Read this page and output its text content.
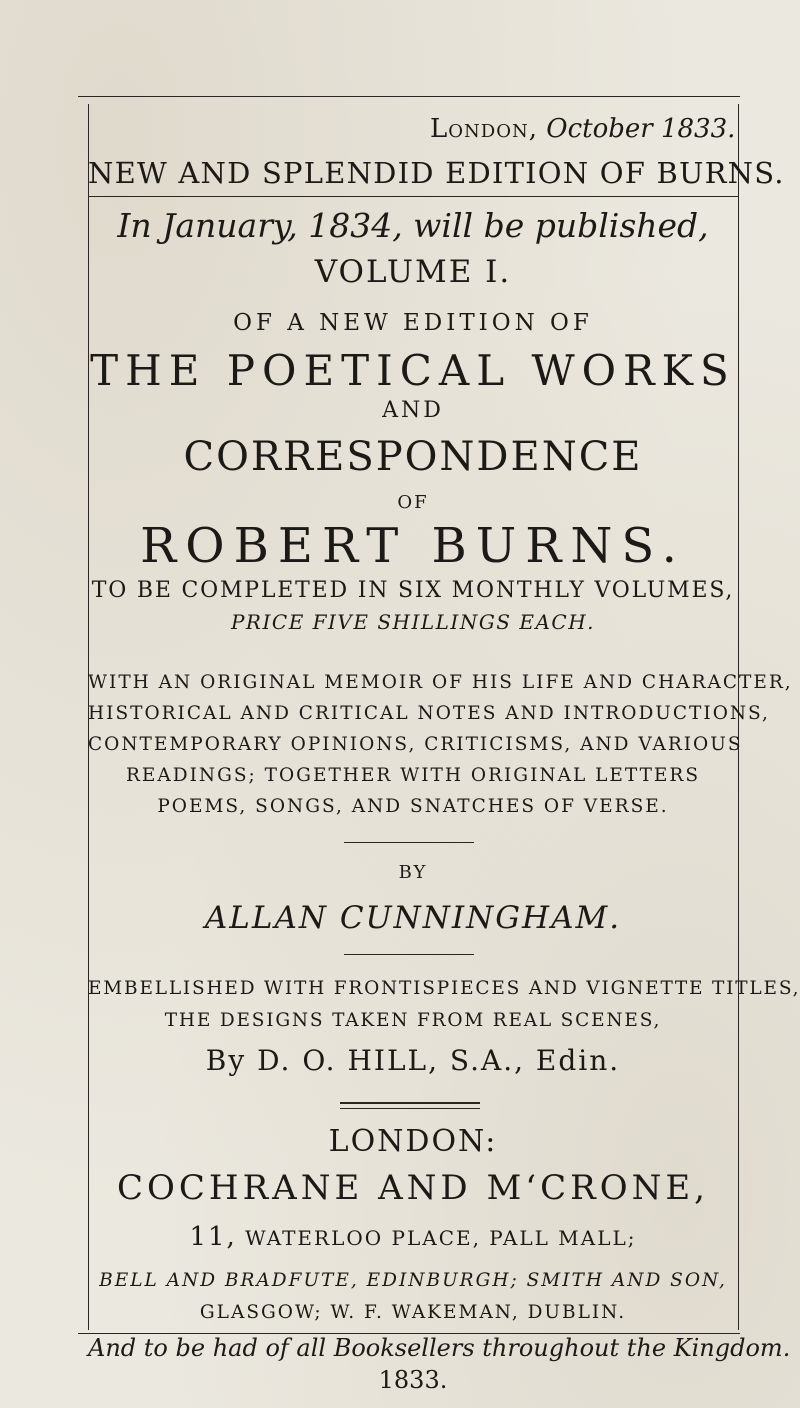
London, October 1833.
NEW AND SPLENDID EDITION OF BURNS.
In January, 1834, will be published,
VOLUME I.
OF A NEW EDITION OF
THE POETICAL WORKS
AND
CORRESPONDENCE
OF
ROBERT BURNS.
TO BE COMPLETED IN SIX MONTHLY VOLUMES,
PRICE FIVE SHILLINGS EACH.
WITH AN ORIGINAL MEMOIR OF HIS LIFE AND CHARACTER,
HISTORICAL AND CRITICAL NOTES AND INTRODUCTIONS,
CONTEMPORARY OPINIONS, CRITICISMS, AND VARIOUS
READINGS; TOGETHER WITH ORIGINAL LETTERS
POEMS, SONGS, AND SNATCHES OF VERSE.
BY
ALLAN CUNNINGHAM.
EMBELLISHED WITH FRONTISPIECES AND VIGNETTE TITLES,
THE DESIGNS TAKEN FROM REAL SCENES,
By D. O. HILL, S.A., Edin.
LONDON:
COCHRANE AND M‘CRONE,
11, WATERLOO PLACE, PALL MALL;
BELL AND BRADFUTE, EDINBURGH; SMITH AND SON,
GLASGOW; W. F. WAKEMAN, DUBLIN.
And to be had of all Booksellers throughout the Kingdom.
1833.
